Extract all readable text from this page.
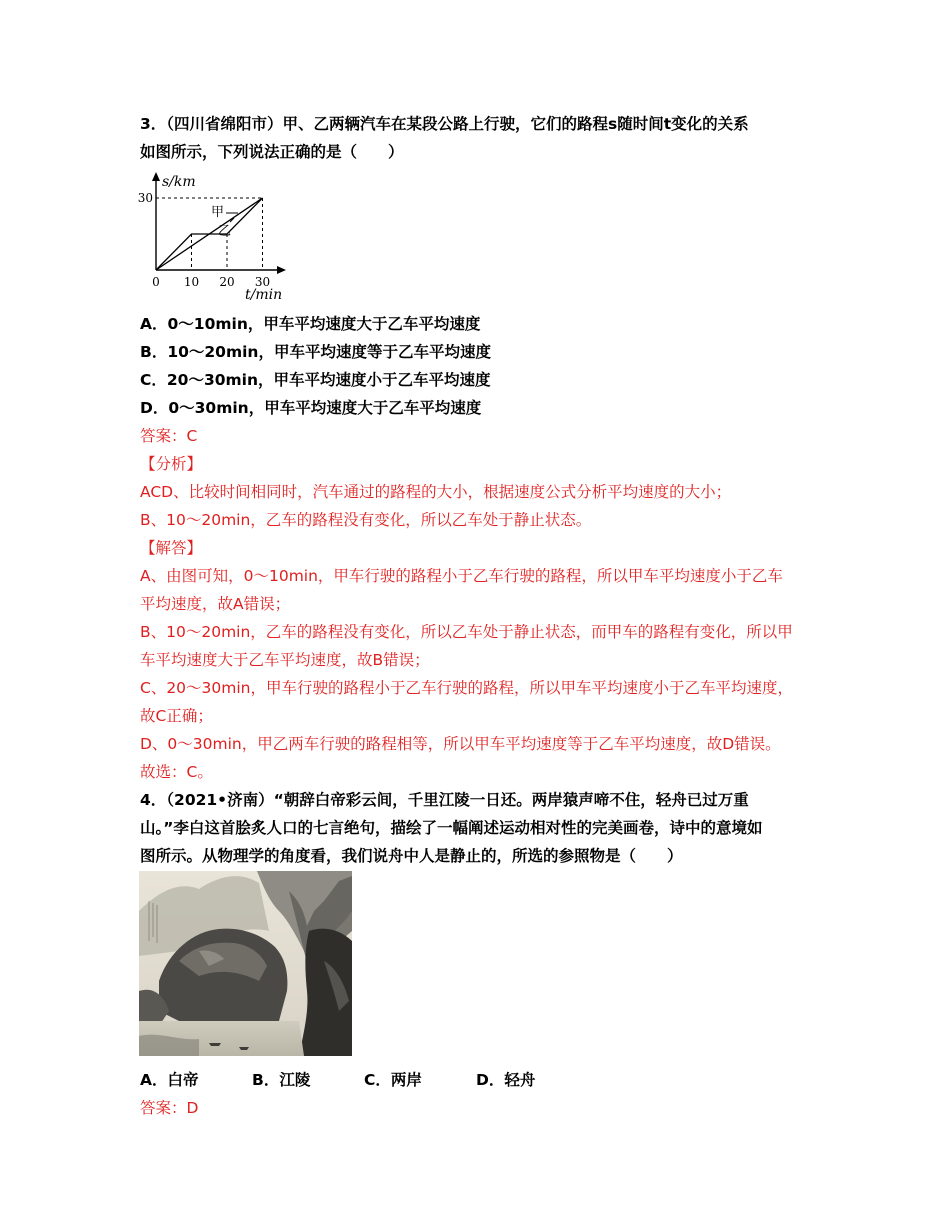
3．（四川省绵阳市）甲、乙两辆汽车在某段公路上行驶，它们的路程s随时间t变化的关系
如图所示，下列说法正确的是（　　）
0 10 20 30
30
s/km
t/min
甲
乙
A．0～10min，甲车平均速度大于乙车平均速度
B．10～20min，甲车平均速度等于乙车平均速度
C．20～30min，甲车平均速度小于乙车平均速度
D．0～30min，甲车平均速度大于乙车平均速度
答案：C
【分析】
ACD、比较时间相同时，汽车通过的路程的大小，根据速度公式分析平均速度的大小；
B、10～20min，乙车的路程没有变化，所以乙车处于静止状态。
【解答】
A、由图可知，0～10min，甲车行驶的路程小于乙车行驶的路程，所以甲车平均速度小于乙车
平均速度，故A错误；
B、10～20min，乙车的路程没有变化，所以乙车处于静止状态，而甲车的路程有变化，所以甲
车平均速度大于乙车平均速度，故B错误；
C、20～30min，甲车行驶的路程小于乙车行驶的路程，所以甲车平均速度小于乙车平均速度，
故C正确；
D、0～30min，甲乙两车行驶的路程相等，所以甲车平均速度等于乙车平均速度，故D错误。
故选：C。
4．（2021•济南）“朝辞白帝彩云间，千里江陵一日还。两岸猿声啼不住，轻舟已过万重
山。”李白这首脍炙人口的七言绝句，描绘了一幅阐述运动相对性的完美画卷，诗中的意境如
图所示。从物理学的角度看，我们说舟中人是静止的，所选的参照物是（　　）
A．白帝	B．江陵	C．两岸	D．轻舟
答案：D
